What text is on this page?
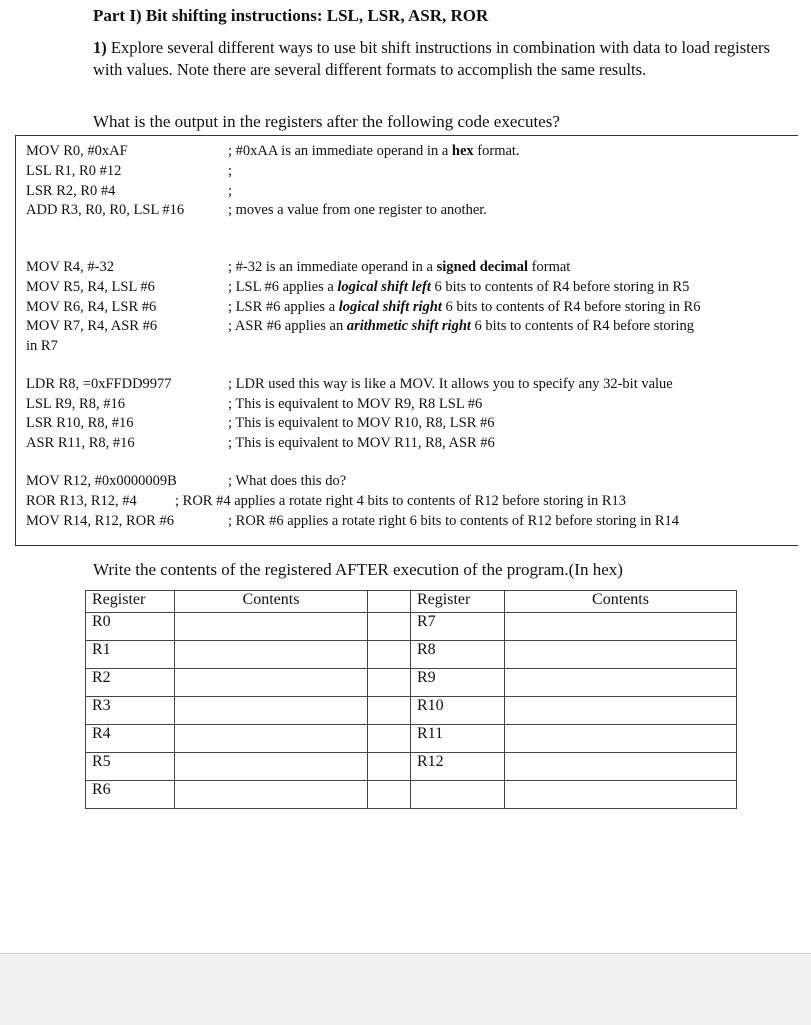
Part I) Bit shifting instructions: LSL, LSR, ASR, ROR
1) Explore several different ways to use bit shift instructions in combination with data to load registers with values. Note there are several different formats to accomplish the same results.
What is the output in the registers after the following code executes?
MOV R0, #0xAF	; #0xAA is an immediate operand in a hex format.
LSL R1, R0 #12	;
LSR R2, R0 #4	;
ADD R3, R0, R0, LSL #16	; moves a value from one register to another.
MOV R4, #-32	; #-32 is an immediate operand in a signed decimal format
MOV R5, R4, LSL #6	; LSL #6 applies a logical shift left 6 bits to contents of R4 before storing in R5
MOV R6, R4, LSR #6	; LSR #6 applies a logical shift right 6 bits to contents of R4 before storing in R6
MOV R7, R4, ASR #6	; ASR #6 applies an arithmetic shift right 6 bits to contents of R4 before storing
in R7
LDR R8, =0xFFDD9977	; LDR used this way is like a MOV. It allows you to specify any 32-bit value
LSL R9, R8, #16	; This is equivalent to MOV R9, R8 LSL #6
LSR R10, R8, #16	; This is equivalent to MOV R10, R8, LSR #6
ASR R11, R8, #16	; This is equivalent to MOV R11, R8, ASR #6
MOV R12, #0x0000009B	; What does this do?
ROR R13, R12, #4	; ROR #4 applies a rotate right 4 bits to contents of R12 before storing in R13
MOV R14, R12, ROR #6	; ROR #6 applies a rotate right 6 bits to contents of R12 before storing in R14
Write the contents of the registered AFTER execution of the program.(In hex)
Register	Contents		Register	Contents
R0			R7	
R1			R8	
R2			R9	
R3			R10	
R4			R11	
R5			R12	
R6				
